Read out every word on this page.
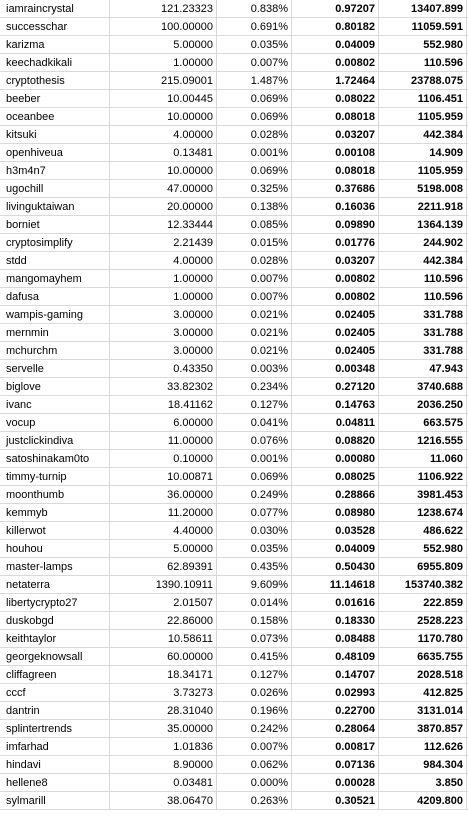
iamraincrystal	121.23323	0.838%	0.97207	13407.899
successchar	100.00000	0.691%	0.80182	11059.591
karizma	5.00000	0.035%	0.04009	552.980
keechadkikali	1.00000	0.007%	0.00802	110.596
cryptothesis	215.09001	1.487%	1.72464	23788.075
beeber	10.00445	0.069%	0.08022	1106.451
oceanbee	10.00000	0.069%	0.08018	1105.959
kitsuki	4.00000	0.028%	0.03207	442.384
openhiveua	0.13481	0.001%	0.00108	14.909
h3m4n7	10.00000	0.069%	0.08018	1105.959
ugochill	47.00000	0.325%	0.37686	5198.008
livinguktaiwan	20.00000	0.138%	0.16036	2211.918
borniet	12.33444	0.085%	0.09890	1364.139
cryptosimplify	2.21439	0.015%	0.01776	244.902
stdd	4.00000	0.028%	0.03207	442.384
mangomayhem	1.00000	0.007%	0.00802	110.596
dafusa	1.00000	0.007%	0.00802	110.596
wampis-gaming	3.00000	0.021%	0.02405	331.788
mernmin	3.00000	0.021%	0.02405	331.788
mchurchm	3.00000	0.021%	0.02405	331.788
servelle	0.43350	0.003%	0.00348	47.943
biglove	33.82302	0.234%	0.27120	3740.688
ivanc	18.41162	0.127%	0.14763	2036.250
vocup	6.00000	0.041%	0.04811	663.575
justclickindiva	11.00000	0.076%	0.08820	1216.555
satoshinakam0to	0.10000	0.001%	0.00080	11.060
timmy-turnip	10.00871	0.069%	0.08025	1106.922
moonthumb	36.00000	0.249%	0.28866	3981.453
kemmyb	11.20000	0.077%	0.08980	1238.674
killerwot	4.40000	0.030%	0.03528	486.622
houhou	5.00000	0.035%	0.04009	552.980
master-lamps	62.89391	0.435%	0.50430	6955.809
netaterra	1390.10911	9.609%	11.14618	153740.382
libertycrypto27	2.01507	0.014%	0.01616	222.859
duskobgd	22.86000	0.158%	0.18330	2528.223
keithtaylor	10.58611	0.073%	0.08488	1170.780
georgeknowsall	60.00000	0.415%	0.48109	6635.755
cliffagreen	18.34171	0.127%	0.14707	2028.518
cccf	3.73273	0.026%	0.02993	412.825
dantrin	28.31040	0.196%	0.22700	3131.014
splintertrends	35.00000	0.242%	0.28064	3870.857
imfarhad	1.01836	0.007%	0.00817	112.626
hindavi	8.90000	0.062%	0.07136	984.304
hellene8	0.03481	0.000%	0.00028	3.850
sylmarill	38.06470	0.263%	0.30521	4209.800
